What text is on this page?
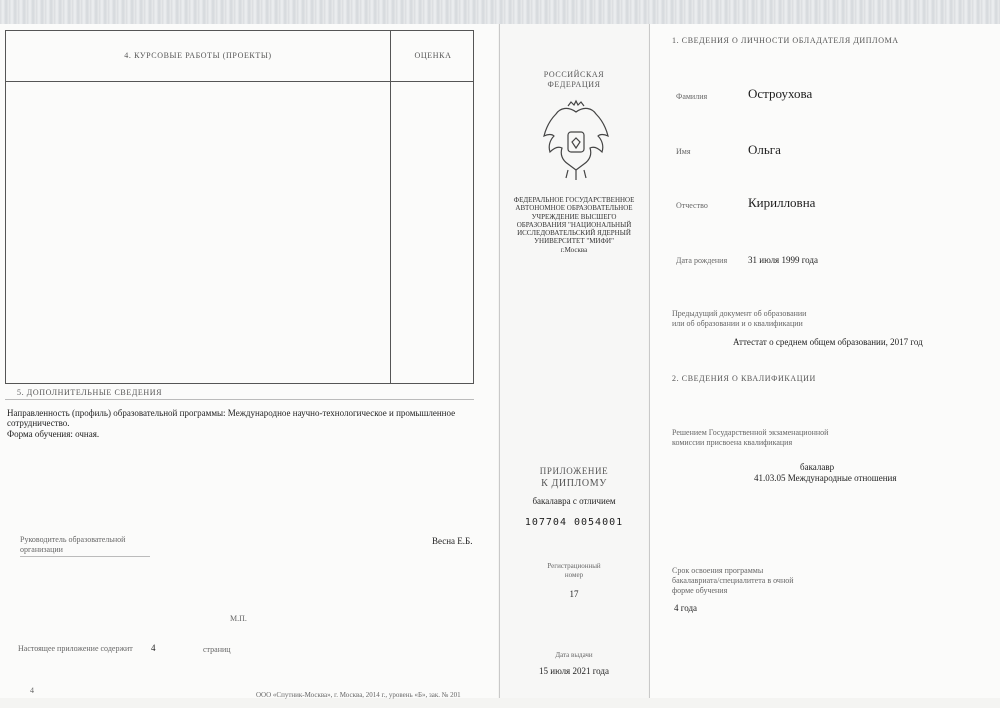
4. КУРСОВЫЕ РАБОТЫ (ПРОЕКТЫ)	ОЦЕНКА
5. ДОПОЛНИТЕЛЬНЫЕ СВЕДЕНИЯ
Направленность (профиль) образовательной программы: Международное научно-технологическое и промышленное
сотрудничество.
Форма обучения: очная.
Руководитель образовательной
организации
Весна Е.Б.
М.П.
Настоящее приложение содержит 4	страниц
4	ООО «Спутник-Москва», г. Москва, 2014 г., уровень «Б», зак. № 201
РОССИЙСКАЯ
ФЕДЕРАЦИЯ
ФЕДЕРАЛЬНОЕ ГОСУДАРСТВЕННОЕ
АВТОНОМНОЕ ОБРАЗОВАТЕЛЬНОЕ
УЧРЕЖДЕНИЕ ВЫСШЕГО
ОБРАЗОВАНИЯ "НАЦИОНАЛЬНЫЙ
ИССЛЕДОВАТЕЛЬСКИЙ ЯДЕРНЫЙ
УНИВЕРСИТЕТ "МИФИ"
г.Москва
ПРИЛОЖЕНИЕ
К ДИПЛОМУ
бакалавра с отличием
107704 0054001
Регистрационный
номер
17
Дата выдачи
15 июля 2021 года
1. СВЕДЕНИЯ О ЛИЧНОСТИ ОБЛАДАТЕЛЯ ДИПЛОМА
Фамилия	Остроухова
Имя	Ольга
Отчество	Кирилловна
Дата рождения 31 июля 1999 года
Предыдущий документ об образовании
или об образовании и о квалификации
Аттестат о среднем общем образовании, 2017 год
2. СВЕДЕНИЯ О КВАЛИФИКАЦИИ
Решением Государственной экзаменационной
комиссии присвоена квалификация
бакалавр
41.03.05 Международные отношения
Срок освоения программы
бакалавриата/специалитета в очной
форме обучения
4 года
